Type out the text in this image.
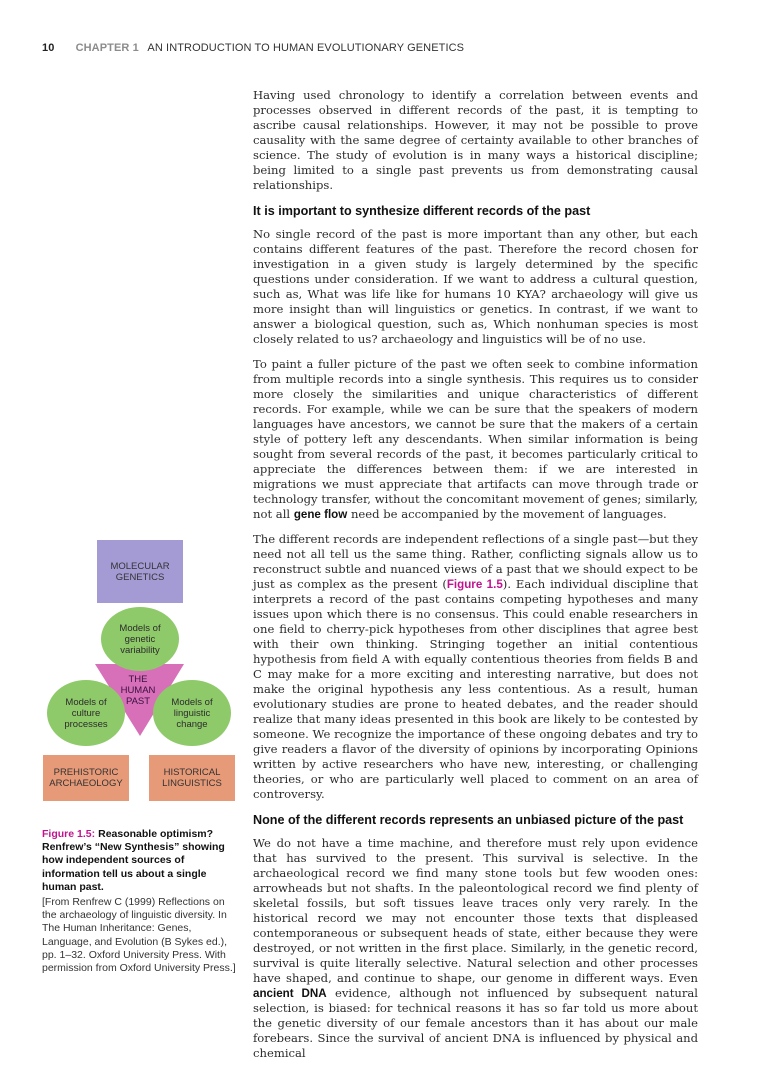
10 CHAPTER 1 AN INTRODUCTION TO HUMAN EVOLUTIONARY GENETICS

Having used chronology to identify a correlation between events and processes observed in different records of the past, it is tempting to ascribe causal relationships. However, it may not be possible to prove causality with the same degree of certainty available to other branches of science. The study of evolution is in many ways a historical discipline; being limited to a single past prevents us from demonstrating causal relationships.

It is important to synthesize different records of the past

No single record of the past is more important than any other, but each contains different features of the past. Therefore the record chosen for investigation in a given study is largely determined by the specific questions under consideration. If we want to address a cultural question, such as, What was life like for humans 10 KYA? archaeology will give us more insight than will linguistics or genetics. In contrast, if we want to answer a biological question, such as, Which nonhuman species is most closely related to us? archaeology and linguistics will be of no use.

To paint a fuller picture of the past we often seek to combine information from multiple records into a single synthesis. This requires us to consider more closely the similarities and unique characteristics of different records. For example, while we can be sure that the speakers of modern languages have ancestors, we cannot be sure that the makers of a certain style of pottery left any descendants. When similar information is being sought from several records of the past, it becomes particularly critical to appreciate the differences between them: if we are interested in migrations we must appreciate that artifacts can move through trade or technology transfer, without the concomitant movement of genes; similarly, not all gene flow need be accompanied by the movement of languages.

The different records are independent reflections of a single past—but they need not all tell us the same thing. Rather, conflicting signals allow us to reconstruct subtle and nuanced views of a past that we should expect to be just as complex as the present (Figure 1.5). Each individual discipline that interprets a record of the past contains competing hypotheses and many issues upon which there is no consensus. This could enable researchers in one field to cherry-pick hypotheses from other disciplines that agree best with their own thinking. Stringing together an initial contentious hypothesis from field A with equally contentious theories from fields B and C may make for a more exciting and interesting narrative, but does not make the original hypothesis any less contentious. As a result, human evolutionary studies are prone to heated debates, and the reader should realize that many ideas presented in this book are likely to be contested by someone. We recognize the importance of these ongoing debates and try to give readers a flavor of the diversity of opinions by incorporating Opinions written by active researchers who have new, interesting, or challenging theories, or who are particularly well placed to comment on an area of controversy.

None of the different records represents an unbiased picture of the past

We do not have a time machine, and therefore must rely upon evidence that has survived to the present. This survival is selective. In the archaeological record we find many stone tools but few wooden ones: arrowheads but not shafts. In the paleontological record we find plenty of skeletal fossils, but soft tissues leave traces only very rarely. In the historical record we may not encounter those texts that displeased contemporaneous or subsequent heads of state, either because they were destroyed, or not written in the first place. Similarly, in the genetic record, survival is quite literally selective. Natural selection and other processes have shaped, and continue to shape, our genome in different ways. Even ancient DNA evidence, although not influenced by subsequent natural selection, is biased: for technical reasons it has so far told us more about the genetic diversity of our female ancestors than it has about our male forebears. Since the survival of ancient DNA is influenced by physical and chemical

MOLECULAR GENETICS
PREHISTORIC ARCHAEOLOGY
HISTORICAL LINGUISTICS
Models of genetic variability
Models of culture processes
Models of linguistic change
THE HUMAN PAST
Figure 1.5: Reasonable optimism? Renfrew’s “New Synthesis” showing how independent sources of information tell us about a single human past.
[From Renfrew C (1999) Reflections on the archaeology of linguistic diversity. In The Human Inheritance: Genes, Language, and Evolution (B Sykes ed.), pp. 1–32. Oxford University Press. With permission from Oxford University Press.]
